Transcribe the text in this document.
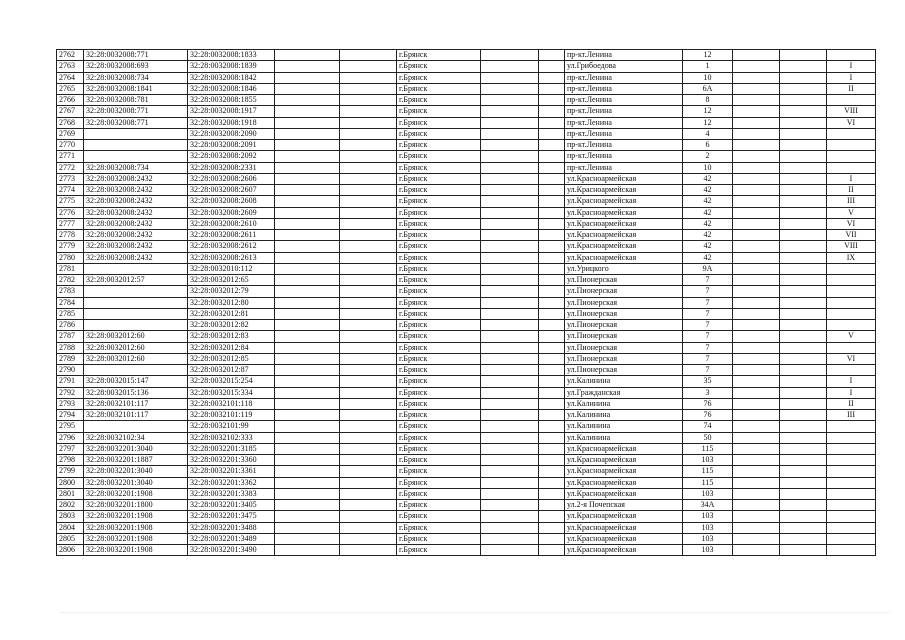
2762	32:28:0032008:771	32:28:0032008:1833			г.Брянск			пр-кт.Ленина	12			
2763	32:28:0032008:693	32:28:0032008:1839			г.Брянск			ул.Грибоедова	1			I
2764	32:28:0032008:734	32:28:0032008:1842			г.Брянск			пр-кт.Ленина	10			I
2765	32:28:0032008:1841	32:28:0032008:1846			г.Брянск			пр-кт.Ленина	6А			II
2766	32:28:0032008:781	32:28:0032008:1855			г.Брянск			пр-кт.Ленина	8			
2767	32:28:0032008:771	32:28:0032008:1917			г.Брянск			пр-кт.Ленина	12			VIII
2768	32:28:0032008:771	32:28:0032008:1918			г.Брянск			пр-кт.Ленина	12			VI
2769		32:28:0032008:2090			г.Брянск			пр-кт.Ленина	4			
2770		32:28:0032008:2091			г.Брянск			пр-кт.Ленина	6			
2771		32:28:0032008:2092			г.Брянск			пр-кт.Ленина	2			
2772	32:28:0032008:734	32:28:0032008:2331			г.Брянск			пр-кт.Ленина	10			
2773	32:28:0032008:2432	32:28:0032008:2606			г.Брянск			ул.Красноармейская	42			I
2774	32:28:0032008:2432	32:28:0032008:2607			г.Брянск			ул.Красноармейская	42			II
2775	32:28:0032008:2432	32:28:0032008:2608			г.Брянск			ул.Красноармейская	42			III
2776	32:28:0032008:2432	32:28:0032008:2609			г.Брянск			ул.Красноармейская	42			V
2777	32:28:0032008:2432	32:28:0032008:2610			г.Брянск			ул.Красноармейская	42			VI
2778	32:28:0032008:2432	32:28:0032008:2611			г.Брянск			ул.Красноармейская	42			VII
2779	32:28:0032008:2432	32:28:0032008:2612			г.Брянск			ул.Красноармейская	42			VIII
2780	32:28:0032008:2432	32:28:0032008:2613			г.Брянск			ул.Красноармейская	42			IX
2781		32:28:0032010:112			г.Брянск			ул.Урицкого	9А			
2782	32:28:0032012:57	32:28:0032012:65			г.Брянск			ул.Пионерская	7			
2783		32:28:0032012:79			г.Брянск			ул.Пионерская	7			
2784		32:28:0032012:80			г.Брянск			ул.Пионерская	7			
2785		32:28:0032012:81			г.Брянск			ул.Пионерская	7			
2786		32:28:0032012:82			г.Брянск			ул.Пионерская	7			
2787	32:28:0032012:60	32:28:0032012:83			г.Брянск			ул.Пионерская	7			V
2788	32:28:0032012:60	32:28:0032012:84			г.Брянск			ул.Пионерская	7			
2789	32:28:0032012:60	32:28:0032012:85			г.Брянск			ул.Пионерская	7			VI
2790		32:28:0032012:87			г.Брянск			ул.Пионерская	7			
2791	32:28:0032015:147	32:28:0032015:254			г.Брянск			ул.Калинина	35			I
2792	32:28:0032015:136	32:28:0032015:334			г.Брянск			ул.Гражданская	3			I
2793	32:28:0032101:117	32:28:0032101:118			г.Брянск			ул.Калинина	76			II
2794	32:28:0032101:117	32:28:0032101:119			г.Брянск			ул.Калинина	76			III
2795		32:28:0032101:99			г.Брянск			ул.Калинина	74			
2796	32:28:0032102:34	32:28:0032102:333			г.Брянск			ул.Калинина	50			
2797	32:28:0032201:3040	32:28:0032201:3185			г.Брянск			ул.Красноармейская	115			
2798	32:28:0032201:1887	32:28:0032201:3360			г.Брянск			ул.Красноармейская	103			
2799	32:28:0032201:3040	32:28:0032201:3361			г.Брянск			ул.Красноармейская	115			
2800	32:28:0032201:3040	32:28:0032201:3362			г.Брянск			ул.Красноармейская	115			
2801	32:28:0032201:1908	32:28:0032201:3383			г.Брянск			ул.Красноармейская	103			
2802	32:28:0032201:1800	32:28:0032201:3405			г.Брянск			ул.2-я Почепская	34А			
2803	32:28:0032201:1908	32:28:0032201:3475			г.Брянск			ул.Красноармейская	103			
2804	32:28:0032201:1908	32:28:0032201:3488			г.Брянск			ул.Красноармейская	103			
2805	32:28:0032201:1908	32:28:0032201:3489			г.Брянск			ул.Красноармейская	103			
2806	32:28:0032201:1908	32:28:0032201:3490			г.Брянск			ул.Красноармейская	103			
